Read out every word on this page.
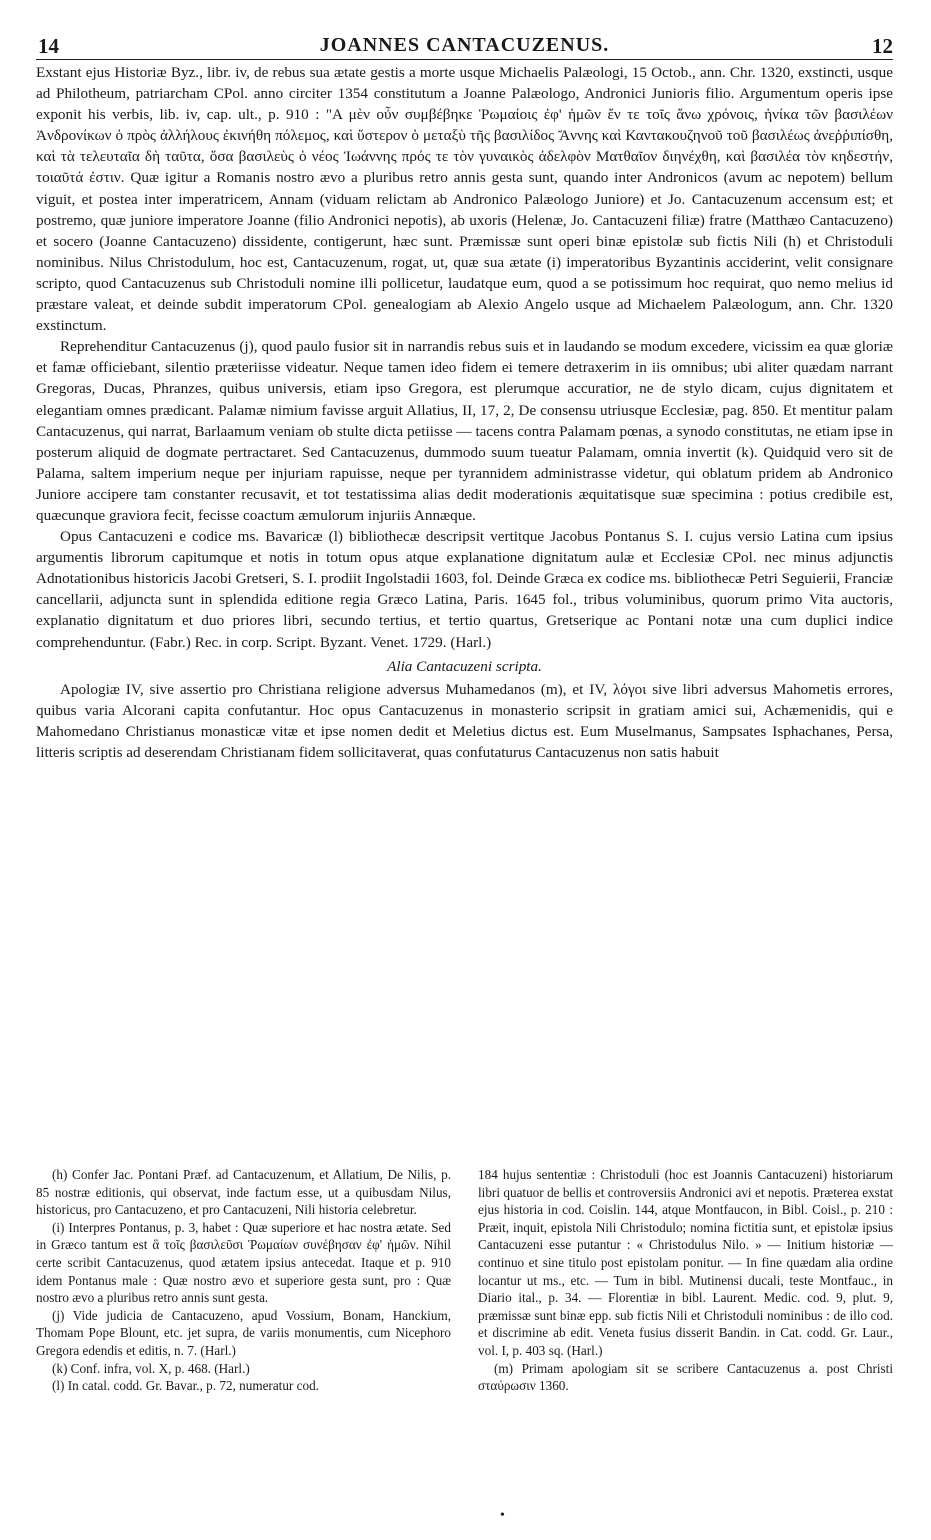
14	JOANNES CANTACUZENUS.	12

Exstant ejus Historiæ Byz., libr. iv, de rebus sua ætate gestis a morte usque Michaelis Palæologi, 15 Octob., ann. Chr. 1320, exstincti, usque ad Philotheum, patriarcham CPol. anno circiter 1354 constitutum a Joanne Palæologo, Andronici Junioris filio. Argumentum operis ipse exponit his verbis, lib. iv, cap. ult., p. 910 : "Α μὲν οὖν συμβέβηκε Ῥωμαίοις ἐφ' ἡμῶν ἔν τε τοῖς ἄνω χρόνοις, ἡνίκα τῶν βασιλέων Ἀνδρονίκων ὁ πρὸς ἀλλήλους ἐκινήθη πόλεμος, καὶ ὕστερον ὁ μεταξὺ τῆς βασιλίδος Ἄννης καὶ Καντακουζηνοῦ τοῦ βασιλέως ἀνεῤῥιπίσθη, καὶ τὰ τελευταῖα δὴ ταῦτα, ὅσα βασιλεὺς ὁ νέος Ἰωάννης πρός τε τὸν γυναικὸς ἀδελφὸν Ματθαῖον διηνέχθη, καὶ βασιλέα τὸν κηδεστήν, τοιαῦτά ἐστιν. Quæ igitur a Romanis nostro ævo a pluribus retro annis gesta sunt, quando inter Andronicos (avum ac nepotem) bellum viguit, et postea inter imperatricem, Annam (viduam relictam ab Andronico Palæologo Juniore) et Jo. Cantacuzenum accensum est; et postremo, quæ juniore imperatore Joanne (filio Andronici nepotis), ab uxoris (Helenæ, Jo. Cantacuzeni filiæ) fratre (Matthæo Cantacuzeno) et socero (Joanne Cantacuzeno) dissidente, contigerunt, hæc sunt. Præmissæ sunt operi binæ epistolæ sub fictis Nili (h) et Christoduli nominibus. Nilus Christodulum, hoc est, Cantacuzenum, rogat, ut, quæ sua ætate (i) imperatoribus Byzantinis acciderint, velit consignare scripto, quod Cantacuzenus sub Christoduli nomine illi pollicetur, laudatque eum, quod a se potissimum hoc requirat, quo nemo melius id præstare valeat, et deinde subdit imperatorum CPol. genealogiam ab Alexio Angelo usque ad Michaelem Palæologum, ann. Chr. 1320 exstinctum.

Reprehenditur Cantacuzenus (j), quod paulo fusior sit in narrandis rebus suis et in laudando se modum excedere, vicissim ea quæ gloriæ et famæ officiebant, silentio præteriisse videatur. Neque tamen ideo fidem ei temere detraxerim in iis omnibus; ubi aliter quædam narrant Gregoras, Ducas, Phranzes, quibus universis, etiam ipso Gregora, est plerumque accuratior, ne de stylo dicam, cujus dignitatem et elegantiam omnes prædicant. Palamæ nimium favisse arguit Allatius, II, 17, 2, De consensu utriusque Ecclesiæ, pag. 850. Et mentitur palam Cantacuzenus, qui narrat, Barlaamum veniam ob stulte dicta petiisse — tacens contra Palamam pœnas, a synodo constitutas, ne etiam ipse in posterum aliquid de dogmate pertractaret. Sed Cantacuzenus, dummodo suum tueatur Palamam, omnia invertit (k). Quidquid vero sit de Palama, saltem imperium neque per injuriam rapuisse, neque per tyrannidem administrasse videtur, qui oblatum pridem ab Andronico Juniore accipere tam constanter recusavit, et tot testatissima alias dedit moderationis æquitatisque suæ specimina : potius credibile est, quæcunque graviora fecit, fecisse coactum æmulorum injuriis Annæque.

Opus Cantacuzeni e codice ms. Bavaricæ (l) bibliothecæ descripsit vertitque Jacobus Pontanus S. I. cujus versio Latina cum ipsius argumentis librorum capitumque et notis in totum opus atque explanatione dignitatum aulæ et Ecclesiæ CPol. nec minus adjunctis Adnotationibus historicis Jacobi Gretseri, S. I. prodiit Ingolstadii 1603, fol. Deinde Græca ex codice ms. bibliothecæ Petri Seguierii, Franciæ cancellarii, adjuncta sunt in splendida editione regia Græco Latina, Paris. 1645 fol., tribus voluminibus, quorum primo Vita auctoris, explanatio dignitatum et duo priores libri, secundo tertius, et tertio quartus, Gretserique ac Pontani notæ una cum duplici indice comprehenduntur. (Fabr.) Rec. in corp. Script. Byzant. Venet. 1729. (Harl.)

Alia Cantacuzeni scripta.

Apologiæ IV, sive assertio pro Christiana religione adversus Muhamedanos (m), et IV, λόγοι sive libri adversus Mahometis errores, quibus varia Alcorani capita confutantur. Hoc opus Cantacuzenus in monasterio scripsit in gratiam amici sui, Achæmenidis, qui e Mahomedano Christianus monasticæ vitæ et ipse nomen dedit et Meletius dictus est. Eum Muselmanus, Sampsates Isphachanes, Persa, litteris scriptis ad deserendam Christianam fidem sollicitaverat, quas confutaturus Cantacuzenus non satis habuit

(h) Confer Jac. Pontani Præf. ad Cantacuzenum, et Allatium, De Nilis, p. 85 nostræ editionis, qui observat, inde factum esse, ut a quibusdam Nilus, historicus, pro Cantacuzeno, et pro Cantacuzeni, Nili historia celebretur.

(i) Interpres Pontanus, p. 3, habet : Quæ superiore et hac nostra ætate. Sed in Græco tantum est ἃ τοῖς βασιλεῦσι Ῥωμαίων συνέβησαν ἐφ' ἡμῶν. Nihil certe scribit Cantacuzenus, quod ætatem ipsius antecedat. Itaque et p. 910 idem Pontanus male : Quæ nostro ævo et superiore gesta sunt, pro : Quæ nostro ævo a pluribus retro annis sunt gesta.

(j) Vide judicia de Cantacuzeno, apud Vossium, Bonam, Hanckium, Thomam Pope Blount, etc. jet supra, de variis monumentis, cum Nicephoro Gregora edendis et editis, n. 7. (Harl.)

(k) Conf. infra, vol. X, p. 468. (Harl.)

(l) In catal. codd. Gr. Bavar., p. 72, numeratur cod.

184 hujus sententiæ : Christoduli (hoc est Joannis Cantacuzeni) historiarum libri quatuor de bellis et controversiis Andronici avi et nepotis. Præterea exstat ejus historia in cod. Coislin. 144, atque Montfaucon, in Bibl. Coisl., p. 210 : Præit, inquit, epistola Nili Christodulo; nomina fictitia sunt, et epistolæ ipsius Cantacuzeni esse putantur : « Christodulus Nilo. » — Initium historiæ — continuo et sine titulo post epistolam ponitur. — In fine quædam alia ordine locantur ut ms., etc. — Tum in bibl. Mutinensi ducali, teste Montfauc., in Diario ital., p. 34. — Florentiæ in bibl. Laurent. Medic. cod. 9, plut. 9, præmissæ sunt binæ epp. sub fictis Nili et Christoduli nominibus : de illo cod. et discrimine ab edit. Veneta fusius disserit Bandin. in Cat. codd. Gr. Laur., vol. I, p. 403 sq. (Harl.)

(m) Primam apologiam sit se scribere Cantacuzenus a. post Christi σταύρωσιν 1360.

•
